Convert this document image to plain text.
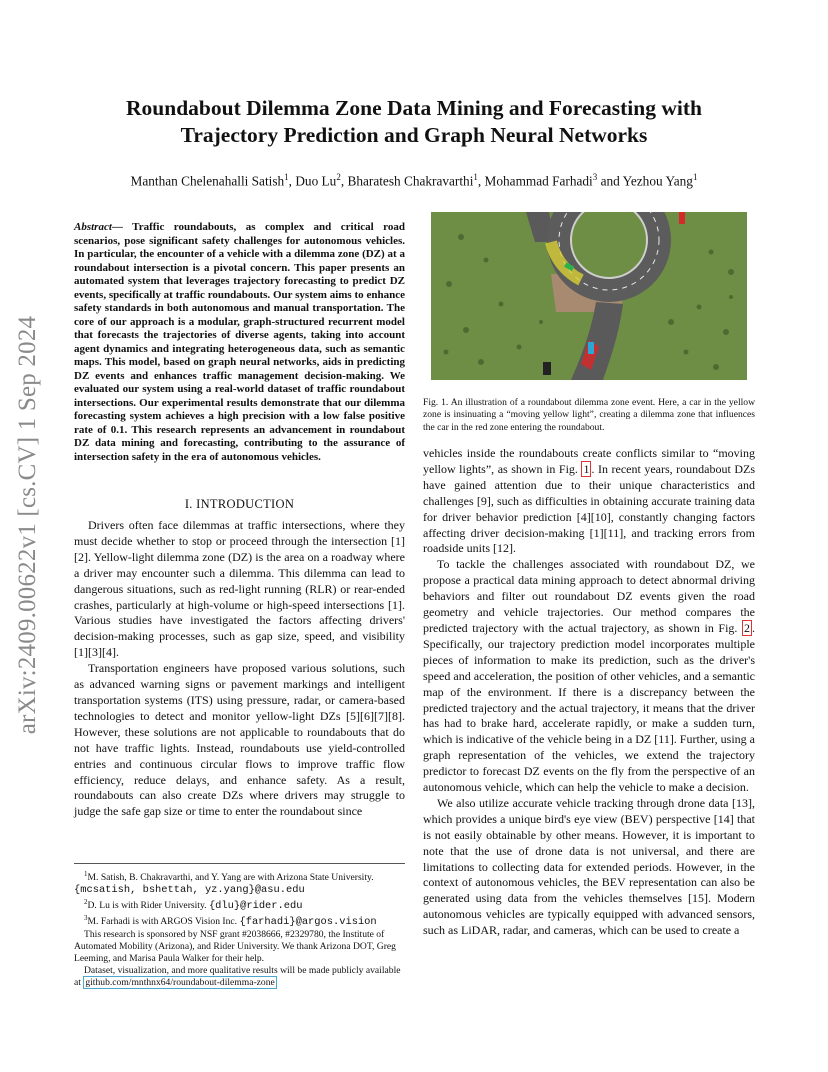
arXiv:2409.00622v1 [cs.CV] 1 Sep 2024
Roundabout Dilemma Zone Data Mining and Forecasting with
Trajectory Prediction and Graph Neural Networks
Manthan Chelenahalli Satish$^1$, Duo Lu$^2$, Bharatesh Chakravarthi$^1$, Mohammad Farhadi$^3$ and Yezhou Yang$^1$
Abstract— Traffic roundabouts, as complex and critical road scenarios, pose significant safety challenges for autonomous vehicles. In particular, the encounter of a vehicle with a dilemma zone (DZ) at a roundabout intersection is a pivotal concern. This paper presents an automated system that leverages trajectory forecasting to predict DZ events, specifically at traffic roundabouts. Our system aims to enhance safety standards in both autonomous and manual transportation. The core of our approach is a modular, graph-structured recurrent model that forecasts the trajectories of diverse agents, taking into account agent dynamics and integrating heterogeneous data, such as semantic maps. This model, based on graph neural networks, aids in predicting DZ events and enhances traffic management decision-making. We evaluated our system using a real-world dataset of traffic roundabout intersections. Our experimental results demonstrate that our dilemma forecasting system achieves a high precision with a low false positive rate of 0.1. This research represents an advancement in roundabout DZ data mining and forecasting, contributing to the assurance of intersection safety in the era of autonomous vehicles.
I. INTRODUCTION

Drivers often face dilemmas at traffic intersections, where they must decide whether to stop or proceed through the intersection [1][2]. Yellow-light dilemma zone (DZ) is the area on a roadway where a driver may encounter such a dilemma. This dilemma can lead to dangerous situations, such as red-light running (RLR) or rear-ended crashes, particularly at high-volume or high-speed intersections [1]. Various studies have investigated the factors affecting drivers' decision-making processes, such as gap size, speed, and visibility [1][3][4].

Transportation engineers have proposed various solutions, such as advanced warning signs or pavement markings and intelligent transportation systems (ITS) using pressure, radar, or camera-based technologies to detect and monitor yellow-light DZs [5][6][7][8]. However, these solutions are not applicable to roundabouts that do not have traffic lights. Instead, roundabouts use yield-controlled entries and continuous circular flows to improve traffic flow efficiency, reduce delays, and enhance safety. As a result, roundabouts can also create DZs where drivers may struggle to judge the safe gap size or time to enter the roundabout since

$^1$M. Satish, B. Chakravarthi, and Y. Yang are with Arizona State University. {mcsatish, bshettah, yz.yang}@asu.edu

$^2$D. Lu is with Rider University. {dlu}@rider.edu

$^3$M. Farhadi is with ARGOS Vision Inc. {farhadi}@argos.vision

This research is sponsored by NSF grant #2038666, #2329780, the Institute of Automated Mobility (Arizona), and Rider University. We thank Arizona DOT, Greg Leeming, and Marisa Paula Walker for their help.

Dataset, visualization, and more qualitative results will be made publicly available at github.com/mnthnx64/roundabout-dilemma-zone

Fig. 1. An illustration of a roundabout dilemma zone event. Here, a car in the yellow zone is insinuating a “moving yellow light”, creating a dilemma zone that influences the car in the red zone entering the roundabout.

vehicles inside the roundabouts create conflicts similar to “moving yellow lights”, as shown in Fig. 1 . In recent years, roundabout DZs have gained attention due to their unique characteristics and challenges [9], such as difficulties in obtaining accurate training data for driver behavior prediction [4][10], constantly changing factors affecting driver decision-making [1][11], and tracking errors from roadside units [12].

To tackle the challenges associated with roundabout DZ, we propose a practical data mining approach to detect abnormal driving behaviors and filter out roundabout DZ events given the road geometry and vehicle trajectories. Our method compares the predicted trajectory with the actual trajectory, as shown in Fig. 2 . Specifically, our trajectory prediction model incorporates multiple pieces of information to make its prediction, such as the driver's speed and acceleration, the position of other vehicles, and a semantic map of the environment. If there is a discrepancy between the predicted trajectory and the actual trajectory, it means that the driver has had to brake hard, accelerate rapidly, or make a sudden turn, which is indicative of the vehicle being in a DZ [11]. Further, using a graph representation of the vehicles, we extend the trajectory predictor to forecast DZ events on the fly from the perspective of an autonomous vehicle, which can help the vehicle to make a decision.

We also utilize accurate vehicle tracking through drone data [13], which provides a unique bird's eye view (BEV) perspective [14] that is not easily obtainable by other means. However, it is important to note that the use of drone data is not universal, and there are limitations to collecting data for extended periods. However, in the context of autonomous vehicles, the BEV representation can also be generated using data from the vehicles themselves [15]. Modern autonomous vehicles are typically equipped with advanced sensors, such as LiDAR, radar, and cameras, which can be used to create a
